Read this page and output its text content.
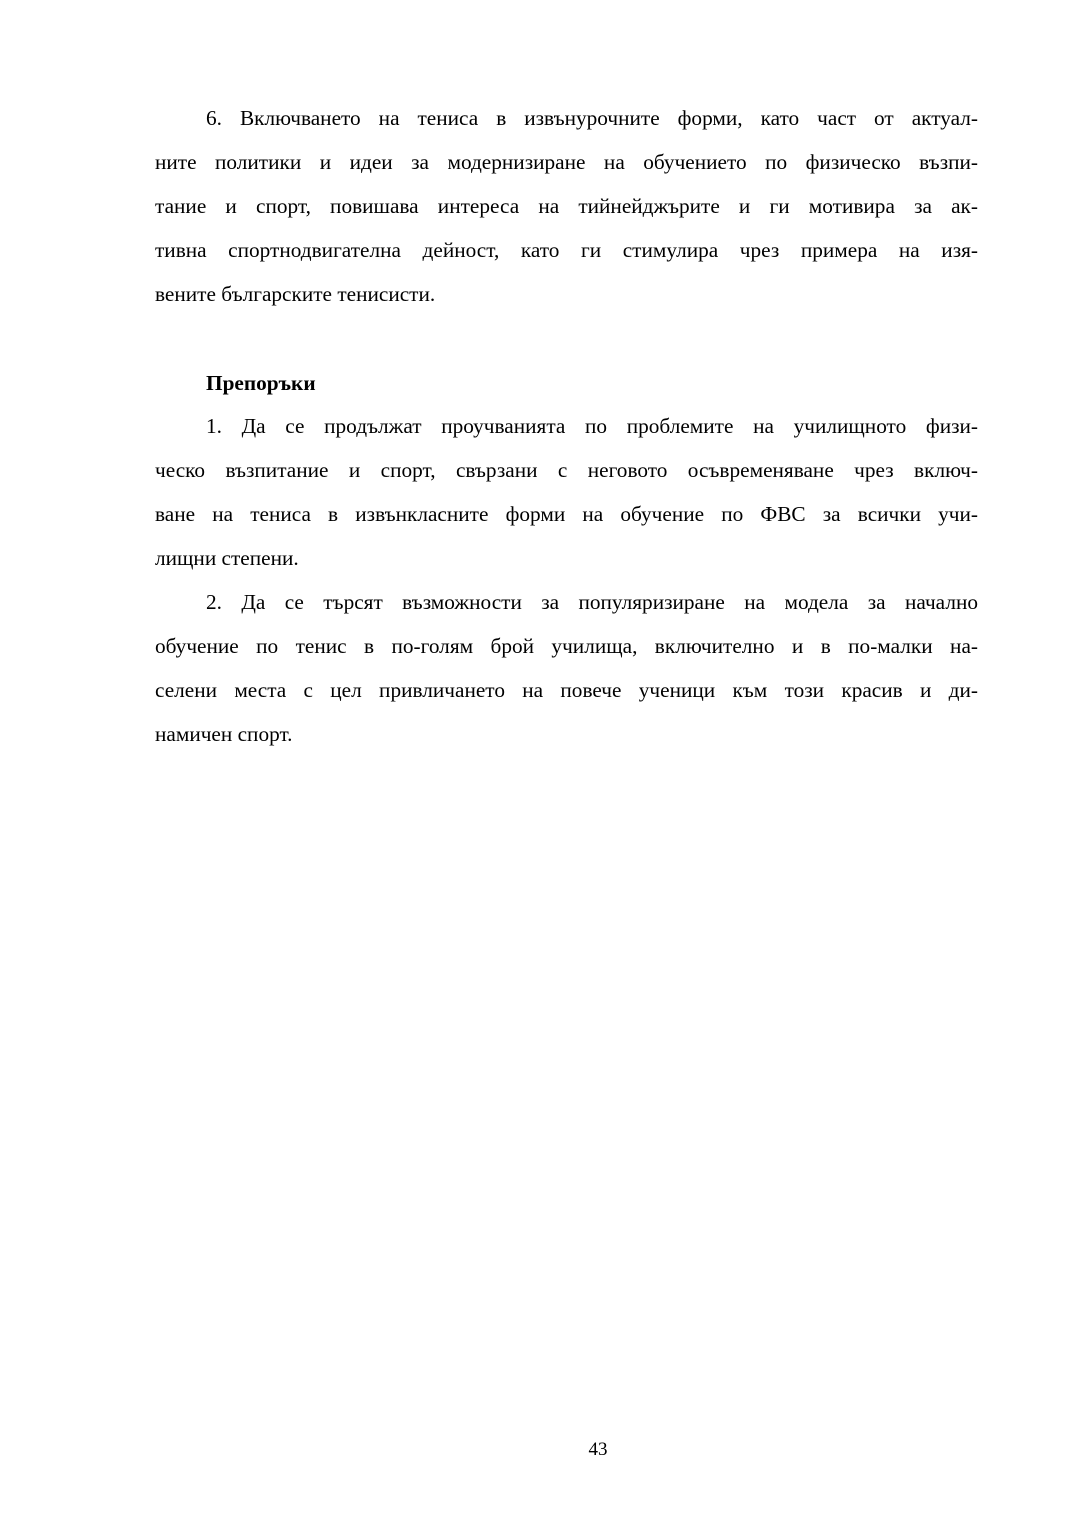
6. Включването на тениса в извънурочните форми, като част от актуал-
ните политики и идеи за модернизиране на обучението по физическо възпи-
тание и спорт, повишава интереса на тийнейджърите и ги мотивира за ак-
тивна спортнодвигателна дейност, като ги стимулира чрез примера на изя-
вените българските тенисисти.
Препоръки
1. Да се продължат проучванията по проблемите на училищното физи-
ческо възпитание и спорт, свързани с неговото осъвременяване чрез включ-
ване на тениса в извънкласните форми на обучение по ФВС за всички учи-
лищни степени.
2. Да се търсят възможности за популяризиране на модела за начално
обучение по тенис в по-голям брой училища, включително и в по-малки на-
селени места с цел привличането на повече ученици към този красив и ди-
намичен спорт.
43
